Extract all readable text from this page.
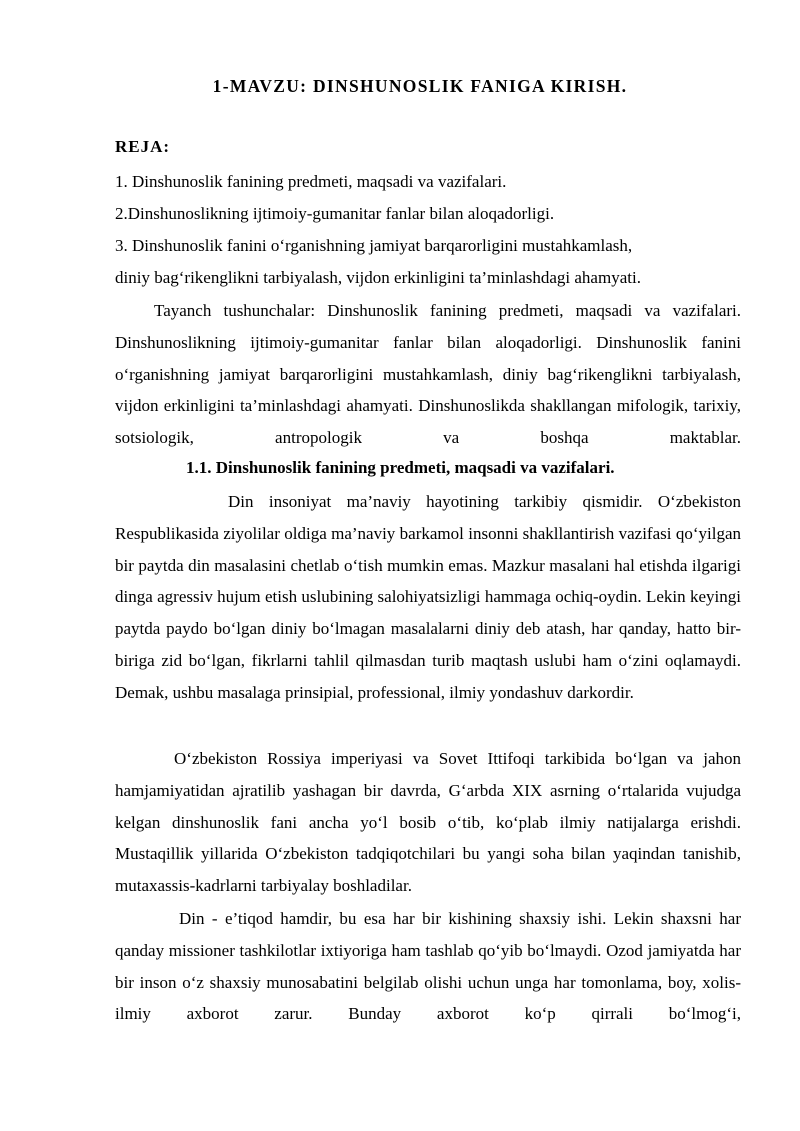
1-MAVZU: DINSHUNOSLIK FANIGA KIRISH.
REJA:
1. Dinshunoslik fanining predmeti, maqsadi va vazifalari.
2.Dinshunoslikning ijtimoiy-gumanitar fanlar bilan aloqadorligi.
3. Dinshunoslik fanini o‘rganishning jamiyat barqarorligini mustahkamlash,
diniy bag‘rikenglikni tarbiyalash, vijdon erkinligini ta’minlashdagi ahamyati.

Tayanch tushunchalar: Dinshunoslik fanining predmeti, maqsadi va vazifalari. Dinshunoslikning ijtimoiy-gumanitar fanlar bilan aloqadorligi. Dinshunoslik fanini o‘rganishning jamiyat barqarorligini mustahkamlash, diniy bag‘rikenglikni tarbiyalash, vijdon erkinligini ta’minlashdagi ahamyati. Dinshunoslikda shakllangan mifologik, tarixiy, sotsiologik, antropologik va boshqa maktablar.

1.1. Dinshunoslik fanining predmeti, maqsadi va vazifalari.

Din insoniyat ma’naviy hayotining tarkibiy qismidir. O‘zbekiston Respublikasida ziyolilar oldiga ma’naviy barkamol insonni shakllantirish vazifasi qo‘yilgan bir paytda din masalasini chetlab o‘tish mumkin emas. Mazkur masalani hal etishda ilgarigi dinga agressiv hujum etish uslubining salohiyatsizligi hammaga ochiq-oydin. Lekin keyingi paytda paydo bo‘lgan diniy bo‘lmagan masalalarni diniy deb atash, har qanday, hatto bir-biriga zid bo‘lgan, fikrlarni tahlil qilmasdan turib maqtash uslubi ham o‘zini oqlamaydi. Demak, ushbu masalaga prinsipial, professional, ilmiy yondashuv darkordir.

O‘zbekiston Rossiya imperiyasi va Sovet Ittifoqi tarkibida bo‘lgan va jahon hamjamiyatidan ajratilib yashagan bir davrda, G‘arbda XIX asrning o‘rtalarida vujudga kelgan dinshunoslik fani ancha yo‘l bosib o‘tib, ko‘plab ilmiy natijalarga erishdi. Mustaqillik yillarida O‘zbekiston tadqiqotchilari bu yangi soha bilan yaqindan tanishib, mutaxassis-kadrlarni tarbiyalay boshladilar.

Din - e’tiqod hamdir, bu esa har bir kishining shaxsiy ishi. Lekin shaxsni har qanday missioner tashkilotlar ixtiyoriga ham tashlab qo‘yib bo‘lmaydi. Ozod jamiyatda har bir inson o‘z shaxsiy munosabatini belgilab olishi uchun unga har tomonlama, boy, xolis-ilmiy axborot zarur. Bunday axborot ko‘p qirrali bo‘lmog‘i,
